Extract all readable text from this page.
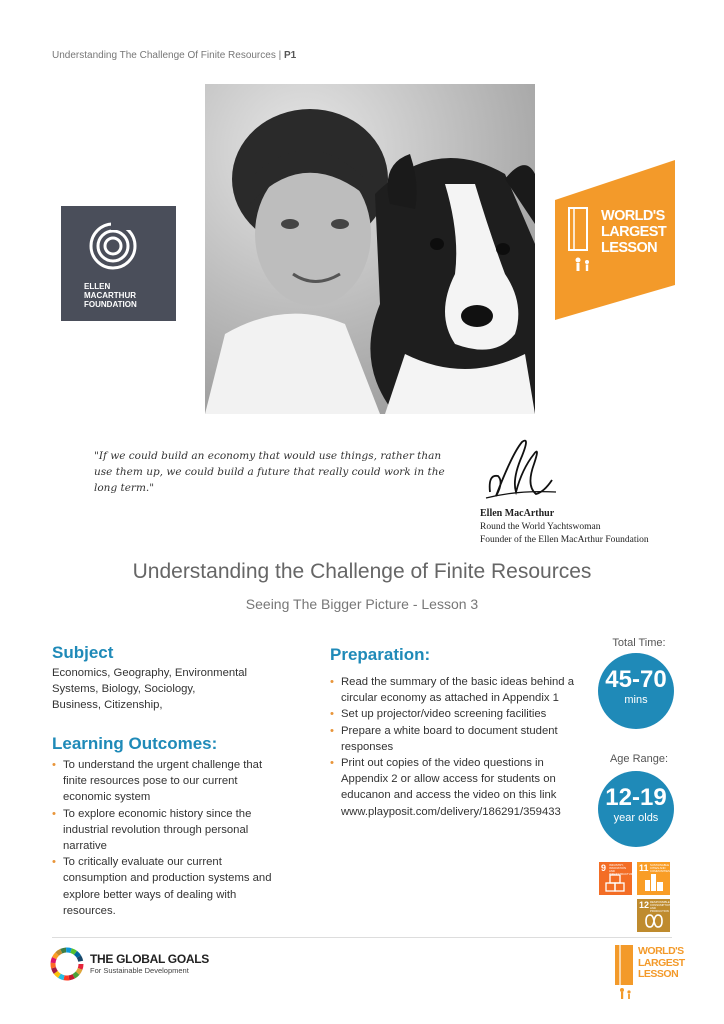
Understanding The Challenge Of Finite Resources | P1
ELLEN
MACARTHUR
FOUNDATION
WORLD'S
LARGEST
LESSON
"If we could build an economy that would use things, rather than
use them up, we could build a future that really could work in the
long term."
Ellen MacArthur
Round the World Yachtswoman
Founder of the Ellen MacArthur Foundation
Understanding the Challenge of Finite Resources
Seeing The Bigger Picture - Lesson 3
Subject
Economics, Geography, Environmental
Systems, Biology, Sociology,
Business, Citizenship,
Learning Outcomes:
• To understand the urgent challenge that
finite resources pose to our current
economic system
• To explore economic history since the
industrial revolution through personal
narrative
• To critically evaluate our current
consumption and production systems and
explore better ways of dealing with
resources.
Preparation:
• Read the summary of the basic ideas behind a
circular economy as attached in Appendix 1
• Set up projector/video screening facilities
• Prepare a white board to document student
responses
• Print out copies of the video questions in
Appendix 2 or allow access for students on
educanon and access the video on this link
www.playposit.com/delivery/186291/359433
Total Time:
45-70
mins
Age Range:
12-19
year olds
9 INDUSTRY, INNOVATION AND INFRASTRUCTURE
11 SUSTAINABLE CITIES AND COMMUNITIES
12 RESPONSIBLE CONSUMPTION AND PRODUCTION
THE GLOBAL GOALS
For Sustainable Development
WORLD'S
LARGEST
LESSON
